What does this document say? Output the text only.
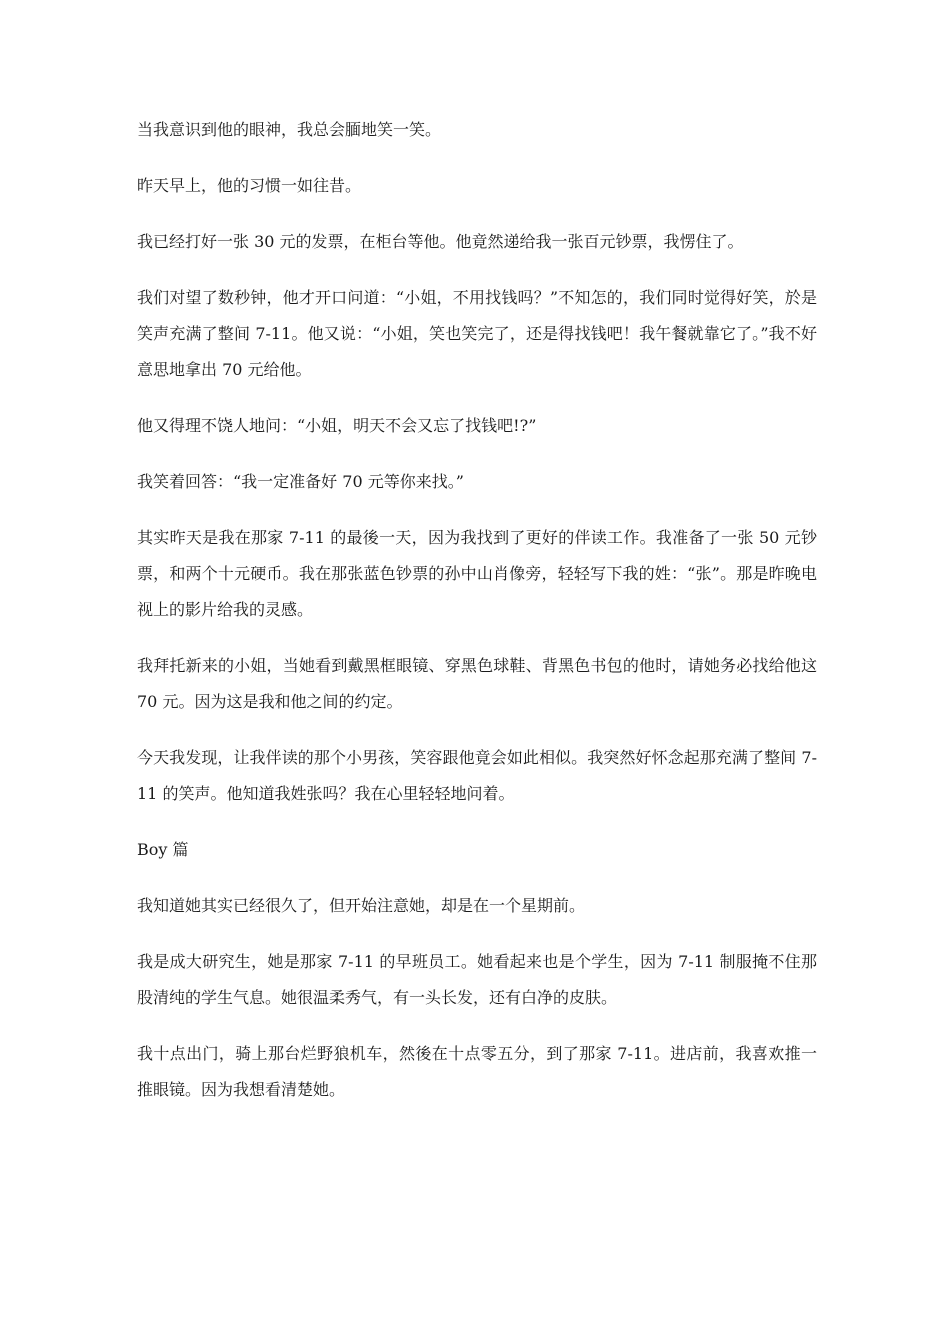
当我意识到他的眼神，我总会腼地笑一笑。

昨天早上，他的习惯一如往昔。

我已经打好一张 30 元的发票，在柜台等他。他竟然递给我一张百元钞票，我愣住了。

我们对望了数秒钟，他才开口问道：“小姐，不用找钱吗？”不知怎的，我们同时觉得好笑，於是笑声充满了整间 7-11。他又说：“小姐，笑也笑完了，还是得找钱吧！我午餐就靠它了。”我不好意思地拿出 70 元给他。

他又得理不饶人地问：“小姐，明天不会又忘了找钱吧!?”

我笑着回答：“我一定准备好 70 元等你来找。”

其实昨天是我在那家 7-11 的最後一天，因为我找到了更好的伴读工作。我准备了一张 50 元钞票，和两个十元硬币。我在那张蓝色钞票的孙中山肖像旁，轻轻写下我的姓：“张”。那是昨晚电视上的影片给我的灵感。

我拜托新来的小姐，当她看到戴黑框眼镜、穿黑色球鞋、背黑色书包的他时，请她务必找给他这 70 元。因为这是我和他之间的约定。

今天我发现，让我伴读的那个小男孩，笑容跟他竟会如此相似。我突然好怀念起那充满了整间 7-11 的笑声。他知道我姓张吗？我在心里轻轻地问着。

Boy 篇

我知道她其实已经很久了，但开始注意她，却是在一个星期前。

我是成大研究生，她是那家 7-11 的早班员工。她看起来也是个学生，因为 7-11 制服掩不住那股清纯的学生气息。她很温柔秀气，有一头长发，还有白净的皮肤。

我十点出门，骑上那台烂野狼机车，然後在十点零五分，到了那家 7-11。进店前，我喜欢推一推眼镜。因为我想看清楚她。
